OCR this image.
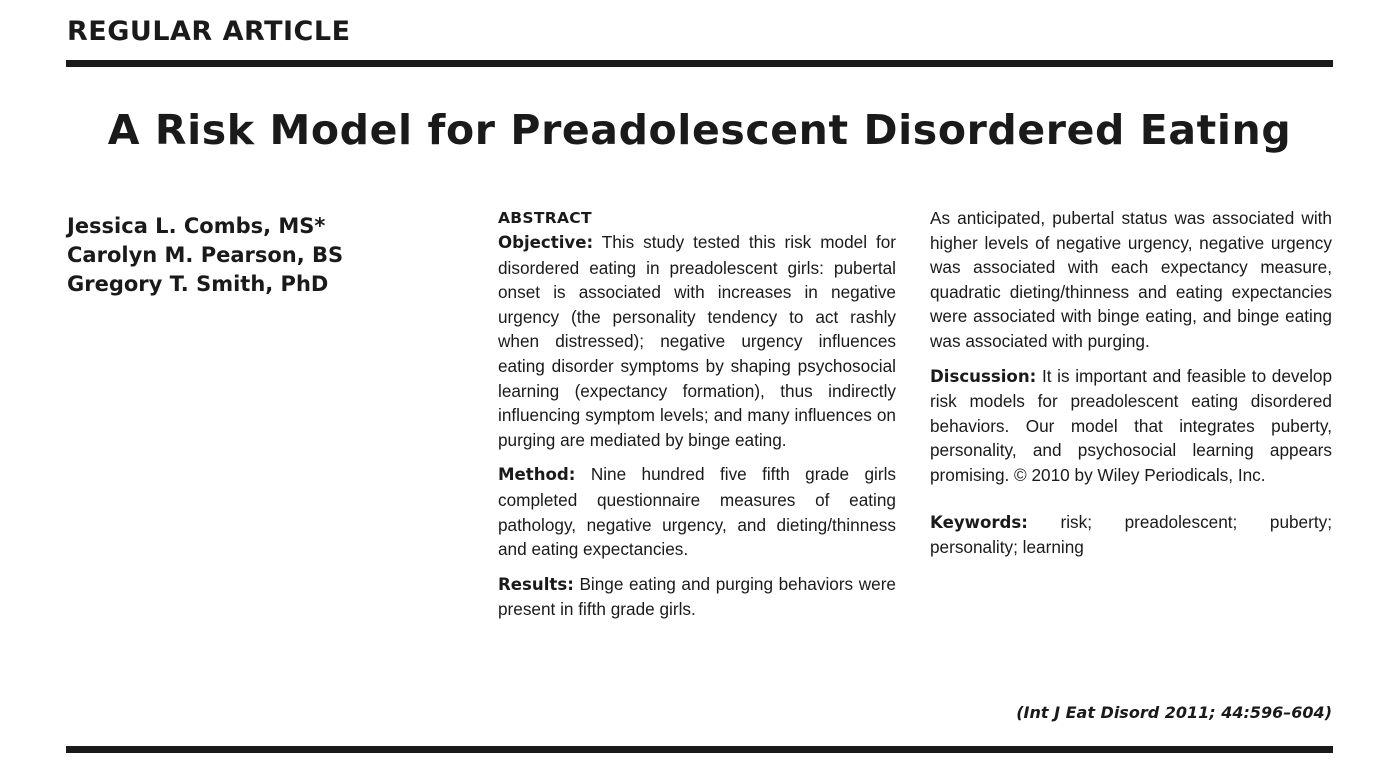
REGULAR ARTICLE
A Risk Model for Preadolescent Disordered Eating
Jessica L. Combs, MS*
Carolyn M. Pearson, BS
Gregory T. Smith, PhD
ABSTRACT

Objective: This study tested this risk model for disordered eating in preadolescent girls: pubertal onset is associated with increases in negative urgency (the personality tendency to act rashly when distressed); negative urgency influences eating disorder symptoms by shaping psychosocial learning (expectancy formation), thus indirectly influencing symptom levels; and many influences on purging are mediated by binge eating.

Method: Nine hundred five fifth grade girls completed questionnaire measures of eating pathology, negative urgency, and dieting/thinness and eating expectancies.

Results: Binge eating and purging behaviors were present in fifth grade girls.

As anticipated, pubertal status was associated with higher levels of negative urgency, negative urgency was associated with each expectancy measure, quadratic dieting/thinness and eating expectancies were associated with binge eating, and binge eating was associated with purging.

Discussion: It is important and feasible to develop risk models for preadolescent eating disordered behaviors. Our model that integrates puberty, personality, and psychosocial learning appears promising. © 2010 by Wiley Periodicals, Inc.

Keywords: risk; preadolescent; puberty; personality; learning

(Int J Eat Disord 2011; 44:596–604)
